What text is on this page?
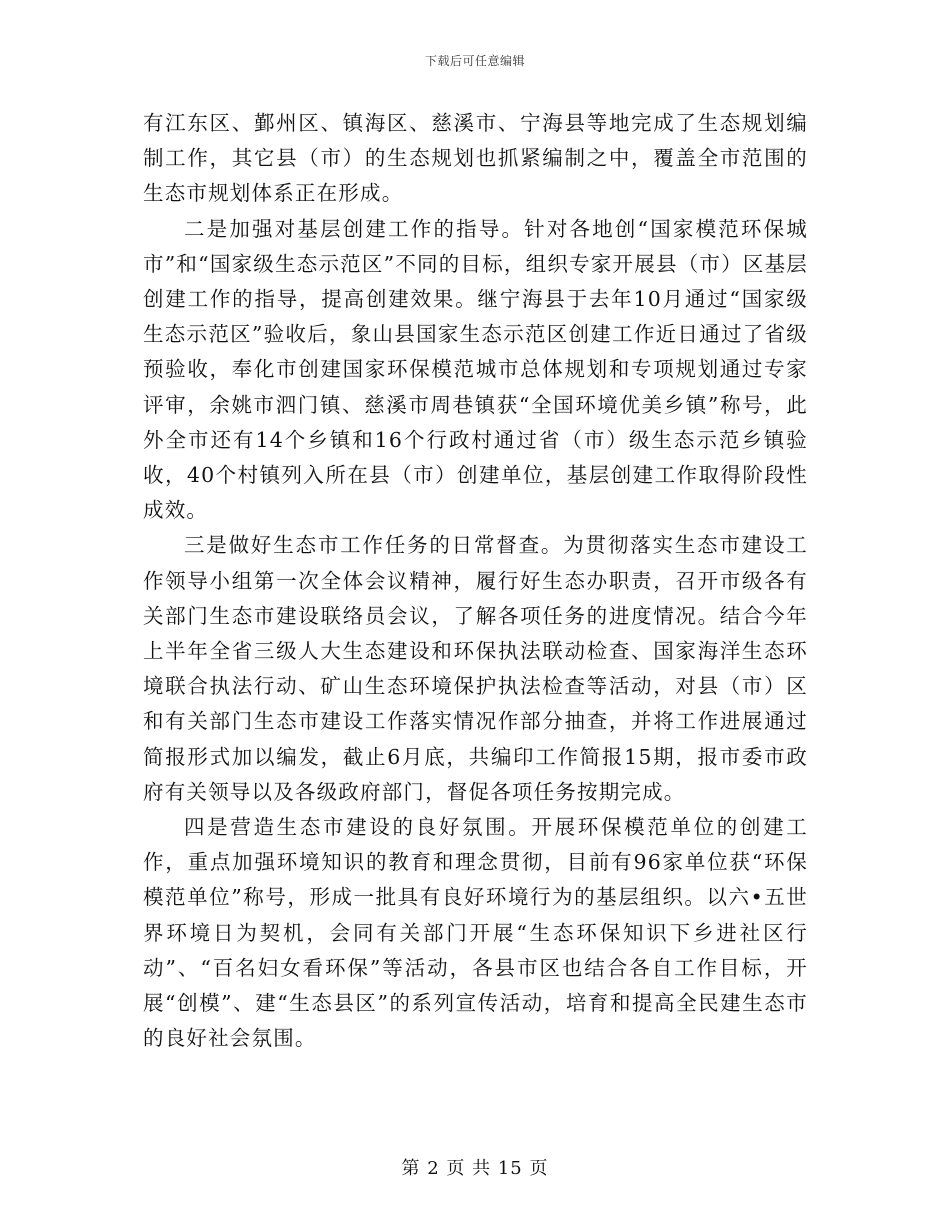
下载后可任意编辑

有江东区、鄞州区、镇海区、慈溪市、宁海县等地完成了生态规划编制工作，其它县（市）的生态规划也抓紧编制之中，覆盖全市范围的生态市规划体系正在形成。

二是加强对基层创建工作的指导。针对各地创“国家模范环保城市”和“国家级生态示范区”不同的目标，组织专家开展县（市）区基层创建工作的指导，提高创建效果。继宁海县于去年10月通过“国家级生态示范区”验收后，象山县国家生态示范区创建工作近日通过了省级预验收，奉化市创建国家环保模范城市总体规划和专项规划通过专家评审，余姚市泗门镇、慈溪市周巷镇获“全国环境优美乡镇”称号，此外全市还有14个乡镇和16个行政村通过省（市）级生态示范乡镇验收，40个村镇列入所在县（市）创建单位，基层创建工作取得阶段性成效。

三是做好生态市工作任务的日常督查。为贯彻落实生态市建设工作领导小组第一次全体会议精神，履行好生态办职责，召开市级各有关部门生态市建设联络员会议，了解各项任务的进度情况。结合今年上半年全省三级人大生态建设和环保执法联动检查、国家海洋生态环境联合执法行动、矿山生态环境保护执法检查等活动，对县（市）区和有关部门生态市建设工作落实情况作部分抽查，并将工作进展通过简报形式加以编发，截止6月底，共编印工作简报15期，报市委市政府有关领导以及各级政府部门，督促各项任务按期完成。

四是营造生态市建设的良好氛围。开展环保模范单位的创建工作，重点加强环境知识的教育和理念贯彻，目前有96家单位获“环保模范单位”称号，形成一批具有良好环境行为的基层组织。以六•五世界环境日为契机，会同有关部门开展“生态环保知识下乡进社区行动”、“百名妇女看环保”等活动，各县市区也结合各自工作目标，开展“创模”、建“生态县区”的系列宣传活动，培育和提高全民建生态市的良好社会氛围。

第 2 页 共 15 页
